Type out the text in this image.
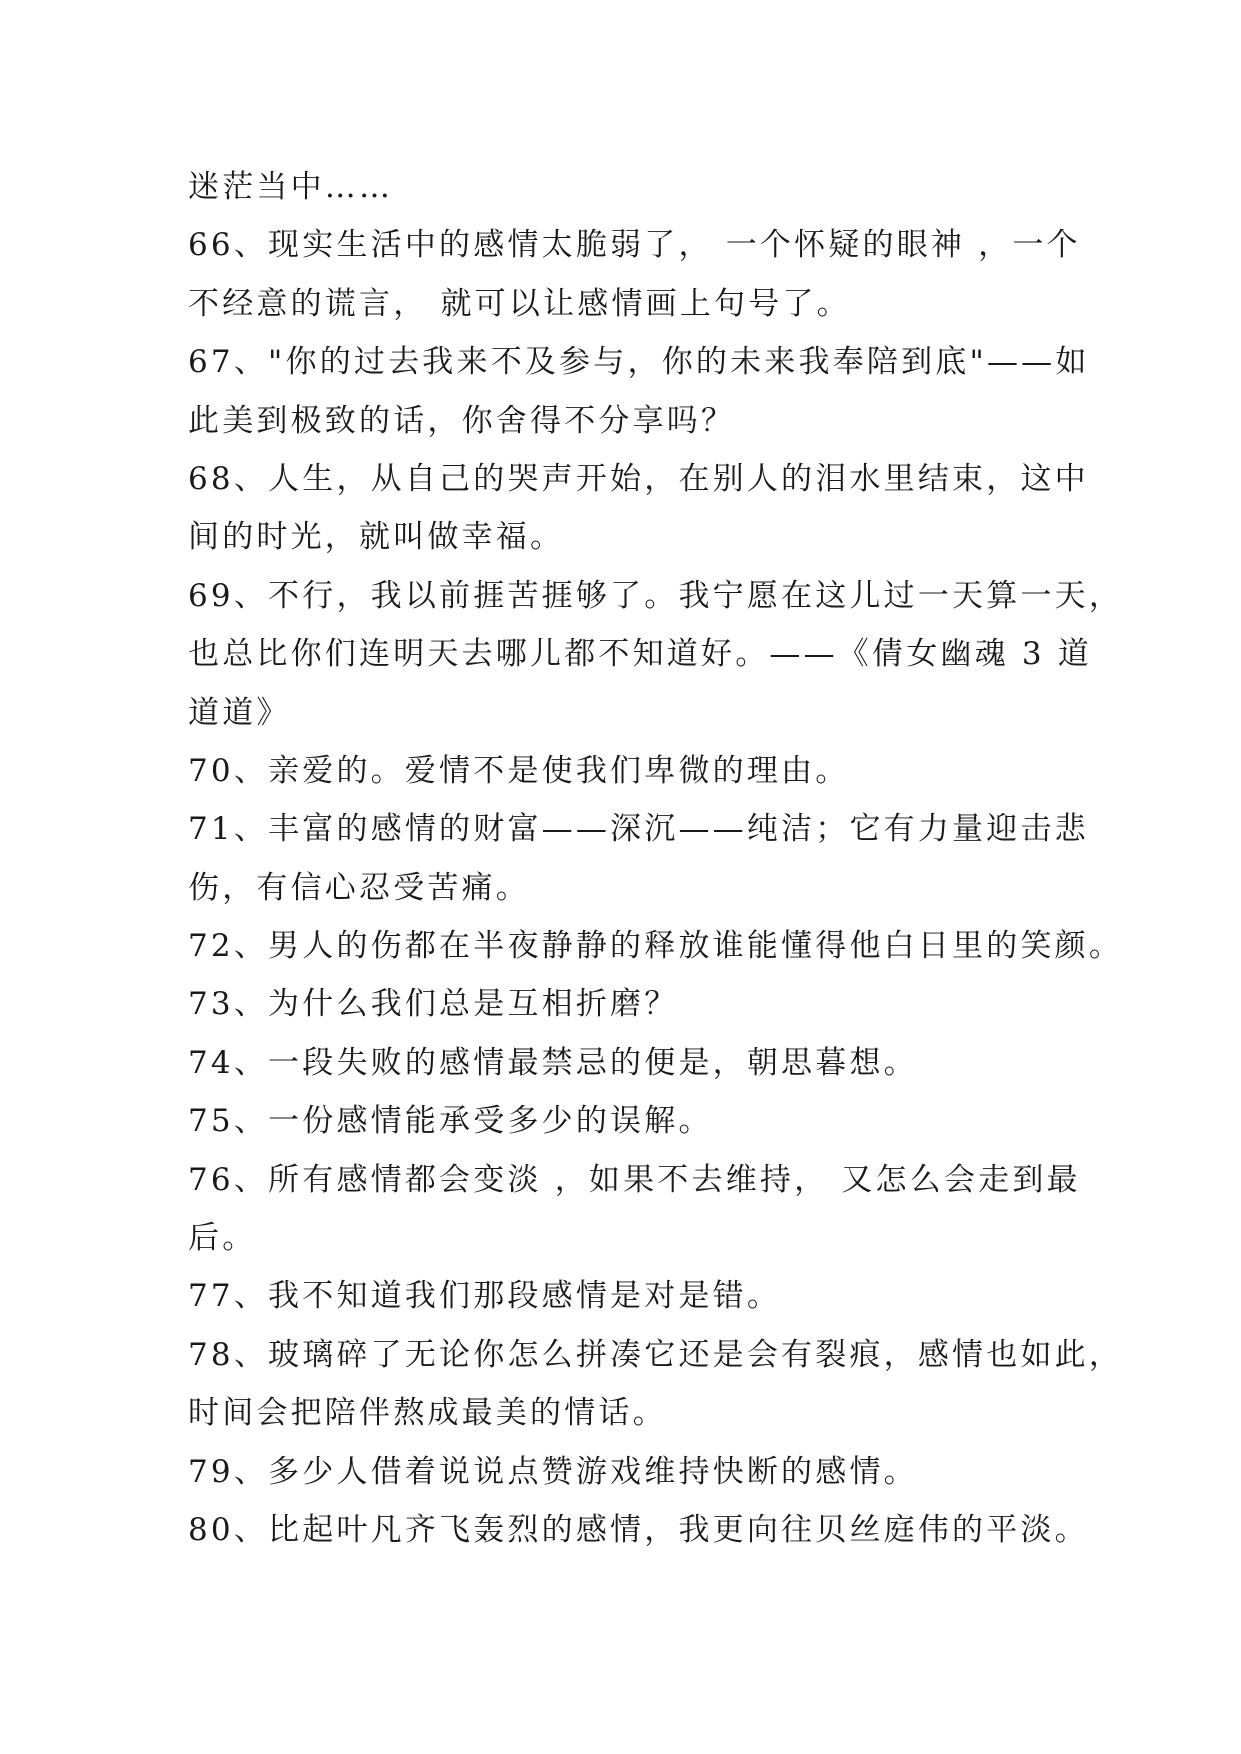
迷茫当中……
66、现实生活中的感情太脆弱了， 一个怀疑的眼神 ，一个
不经意的谎言， 就可以让感情画上句号了。
67、"你的过去我来不及参与，你的未来我奉陪到底"——如
此美到极致的话，你舍得不分享吗？
68、人生，从自己的哭声开始，在别人的泪水里结束，这中
间的时光，就叫做幸福。
69、不行，我以前捱苦捱够了。我宁愿在这儿过一天算一天，
也总比你们连明天去哪儿都不知道好。——《倩女幽魂 3 道
道道》
70、亲爱的。爱情不是使我们卑微的理由。
71、丰富的感情的财富——深沉——纯洁；它有力量迎击悲
伤，有信心忍受苦痛。
72、男人的伤都在半夜静静的释放谁能懂得他白日里的笑颜。
73、为什么我们总是互相折磨？
74、一段失败的感情最禁忌的便是，朝思暮想。
75、一份感情能承受多少的误解。
76、所有感情都会变淡 ，如果不去维持， 又怎么会走到最
后。
77、我不知道我们那段感情是对是错。
78、玻璃碎了无论你怎么拼凑它还是会有裂痕，感情也如此，
时间会把陪伴熬成最美的情话。
79、多少人借着说说点赞游戏维持快断的感情。
80、比起叶凡齐飞轰烈的感情，我更向往贝丝庭伟的平淡。
